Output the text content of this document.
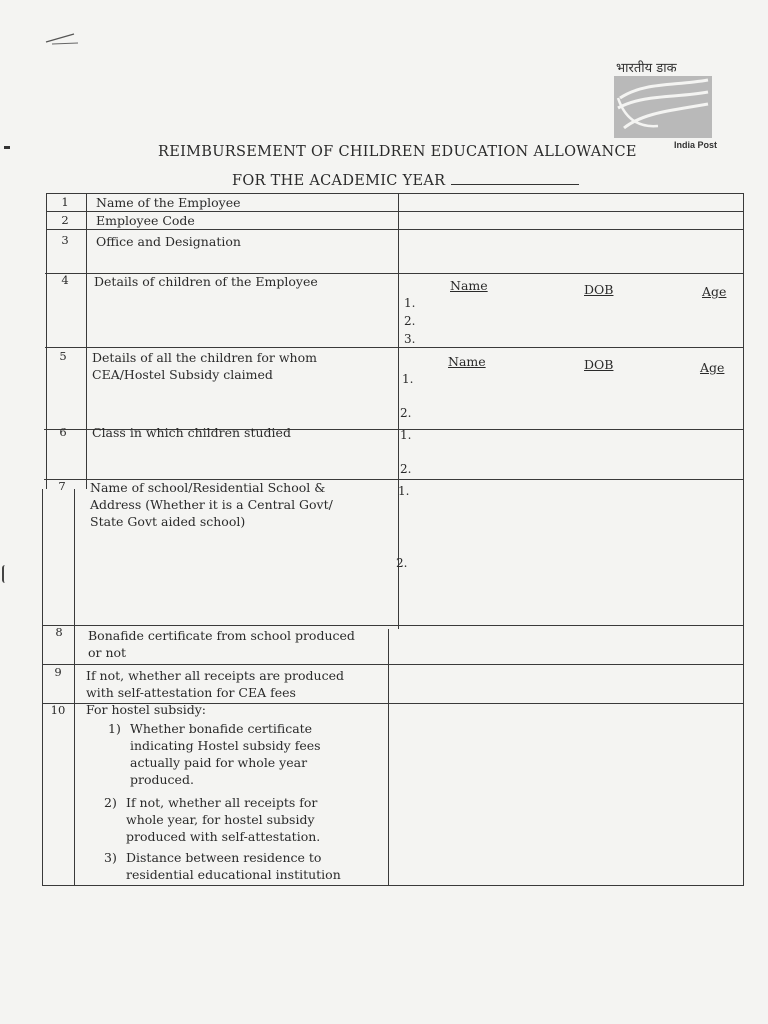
भारतीय डाक
India Post
REIMBURSEMENT OF CHILDREN EDUCATION ALLOWANCE
FOR THE ACADEMIC YEAR
1	Name of the Employee
2	Employee Code
3	Office and Designation
4	Details of children of the Employee	Name	DOB	Age
1.
2.
3.
5	Details of all the children for whom
CEA/Hostel Subsidy claimed
Name	DOB	Age
1.
2.
6	Class in which children studied	1.
2.
7	Name of school/Residential School &
Address (Whether it is a Central Govt/
State Govt aided school)
1.
2.
8	Bonafide certificate from school produced
or not
9	If not, whether all receipts are produced
with self-attestation for CEA fees
10	For hostel subsidy:
1) Whether bonafide certificate
indicating Hostel subsidy fees
actually paid for whole year
produced.
2) If not, whether all receipts for
whole year, for hostel subsidy
produced with self-attestation.
3) Distance between residence to
residential educational institution
